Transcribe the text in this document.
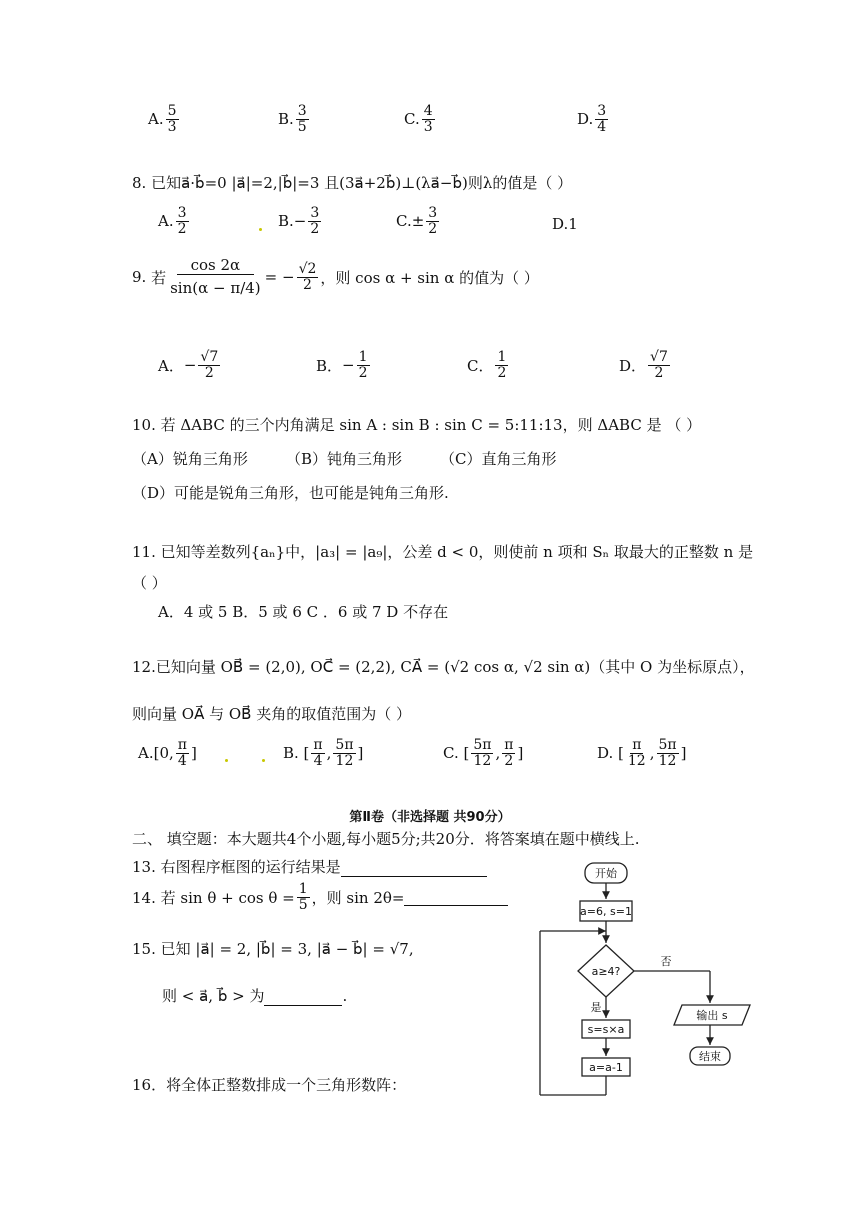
A. $\frac{5}{3}$	B. $\frac{3}{5}$	C. $\frac{4}{3}$	D. $\frac{3}{4}$
8. 已知a⃗·b⃗=0 |a⃗|=2,|b⃗|=3 且(3a⃗+2b⃗)⊥(λa⃗−b⃗)则λ的值是（ ）
A. $\frac{3}{2}$	B. − $\frac{3}{2}$	C. ± $\frac{3}{2}$	D.1
9.
若 $\frac{\cos 2\alpha}{\sin(\alpha - \pi/4)}$ = − $\frac{√2}{2}$ ，则 cos α + sin α 的值为（ ）
A． − $\frac{√7}{2}$	B． − $\frac{1}{2}$	C． $\frac{1}{2}$	D． $\frac{√7}{2}$
10. 若 ΔABC 的三个内角满足 sin A : sin B : sin C = 5:11:13，则 ΔABC 是 （ ）
（A）锐角三角形	（B）钝角三角形	（C）直角三角形
（D）可能是锐角三角形，也可能是钝角三角形.
11. 已知等差数列{aₙ}中，|a₃| = |a₉|，公差 d < 0，则使前 n 项和 Sₙ 取最大的正整数 n 是
（ ）
A．4 或 5 B．5 或 6 C ．6 或 7 D 不存在
12.已知向量 OB⃗ = (2,0), OC⃗ = (2,2), CA⃗ = (√2 cos α, √2 sin α)（其中 O 为坐标原点），
则向量 OA⃗ 与 OB⃗ 夹角的取值范围为（ ）
A.[0, $\frac{\pi}{4}$ ]	B. [ $\frac{\pi}{4}$ , $\frac{5\pi}{12}$ ]	C. [ $\frac{5\pi}{12}$ , $\frac{\pi}{2}$ ]	D. [ $\frac{\pi}{12}$ , $\frac{5\pi}{12}$ ]
第Ⅱ卷（非选择题 共90分）
二、 填空题：本大题共4个小题,每小题5分;共20分．将答案填在题中横线上.
13. 右图程序框图的运行结果是
14. 若 $\sin \theta + \cos \theta = \frac{1}{5}$ ，则 sin 2θ=
15. 已知 |a⃗| = 2, |b⃗| = 3, |a⃗ − b⃗| = √7,
则 < a⃗, b⃗ > 为	.
16．将全体正整数排成一个三角形数阵：
开始
a=6, s=1
a≥4?
否
是
输出 s
结束
s=s×a
a=a-1
